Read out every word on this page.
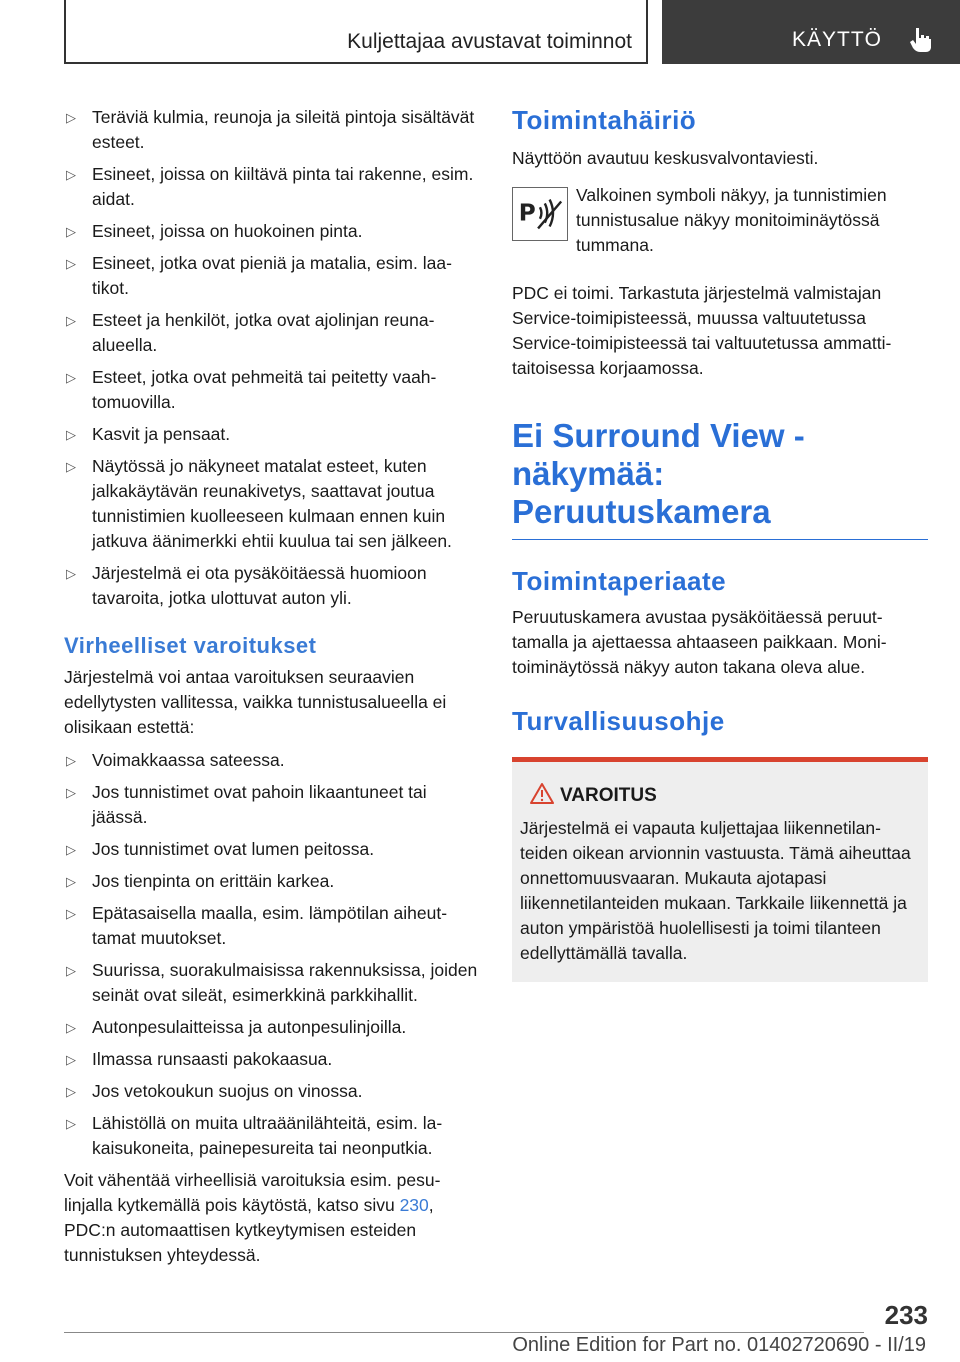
Kuljettajaa avustavat toiminnot	KÄYTTÖ
▷ Teräviä kulmia, reunoja ja sileitä pintoja sisältävät esteet.
▷ Esineet, joissa on kiiltävä pinta tai rakenne, esim. aidat.
▷ Esineet, joissa on huokoinen pinta.
▷ Esineet, jotka ovat pieniä ja matalia, esim. laatikot.
▷ Esteet ja henkilöt, jotka ovat ajolinjan reunaalueella.
▷ Esteet, jotka ovat pehmeitä tai peitetty vaahtomuovilla.
▷ Kasvit ja pensaat.
▷ Näytössä jo näkyneet matalat esteet, kuten jalkakäytävän reunakivetys, saattavat joutua tunnistimien kuolleeseen kulmaan ennen kuin jatkuva äänimerkki ehtii kuulua tai sen jälkeen.
▷ Järjestelmä ei ota pysäköitäessä huomioon tavaroita, jotka ulottuvat auton yli.
Virheelliset varoitukset

Järjestelmä voi antaa varoituksen seuraavien edellytysten vallitessa, vaikka tunnistusalueella ei olisikaan estettä:

▷ Voimakkaassa sateessa.
▷ Jos tunnistimet ovat pahoin likaantuneet tai jäässä.
▷ Jos tunnistimet ovat lumen peitossa.
▷ Jos tienpinta on erittäin karkea.
▷ Epätasaisella maalla, esim. lämpötilan aiheuttamat muutokset.
▷ Suurissa, suorakulmaisissa rakennuksissa, joiden seinät ovat sileät, esimerkkinä parkkihallit.
▷ Autonpesulaitteissa ja autonpesulinjoilla.
▷ Ilmassa runsaasti pakokaasua.
▷ Jos vetokoukun suojus on vinossa.
▷ Lähistöllä on muita ultraäänilähteitä, esim. lakaisukoneita, painepesureita tai neonputkia.

Voit vähentää virheellisiä varoituksia esim. pesulinjalla kytkemällä pois käytöstä, katso sivu 230, PDC:n automaattisen kytkeytymisen esteiden tunnistuksen yhteydessä.

Toimintahäiriö

Näyttöön avautuu keskusvalvontaviesti.

P
Valkoinen symboli näkyy, ja tunnistimien tunnistusalue näkyy monitoiminäytössä tummana.

PDC ei toimi. Tarkastuta järjestelmä valmistajan Service-toimipisteessä, muussa valtuutetussa Service-toimipisteessä tai valtuutetussa ammattitaitoisessa korjaamossa.

Ei Surround View - näkymää: Peruutuskamera
Toimintaperiaate

Peruutuskamera avustaa pysäköitäessä peruuttamalla ja ajettaessa ahtaaseen paikkaan. Monitoiminäytössä näkyy auton takana oleva alue.

Turvallisuusohje
VAROITUS
Järjestelmä ei vapauta kuljettajaa liikennetilanteiden oikean arvionnin vastuusta. Tämä aiheuttaa onnettomuusvaaran. Mukauta ajotapasi liikennetilanteiden mukaan. Tarkkaile liikennettä ja auton ympäristöä huolellisesti ja toimi tilanteen edellyttämällä tavalla.
233
Online Edition for Part no. 01402720690 - II/19
